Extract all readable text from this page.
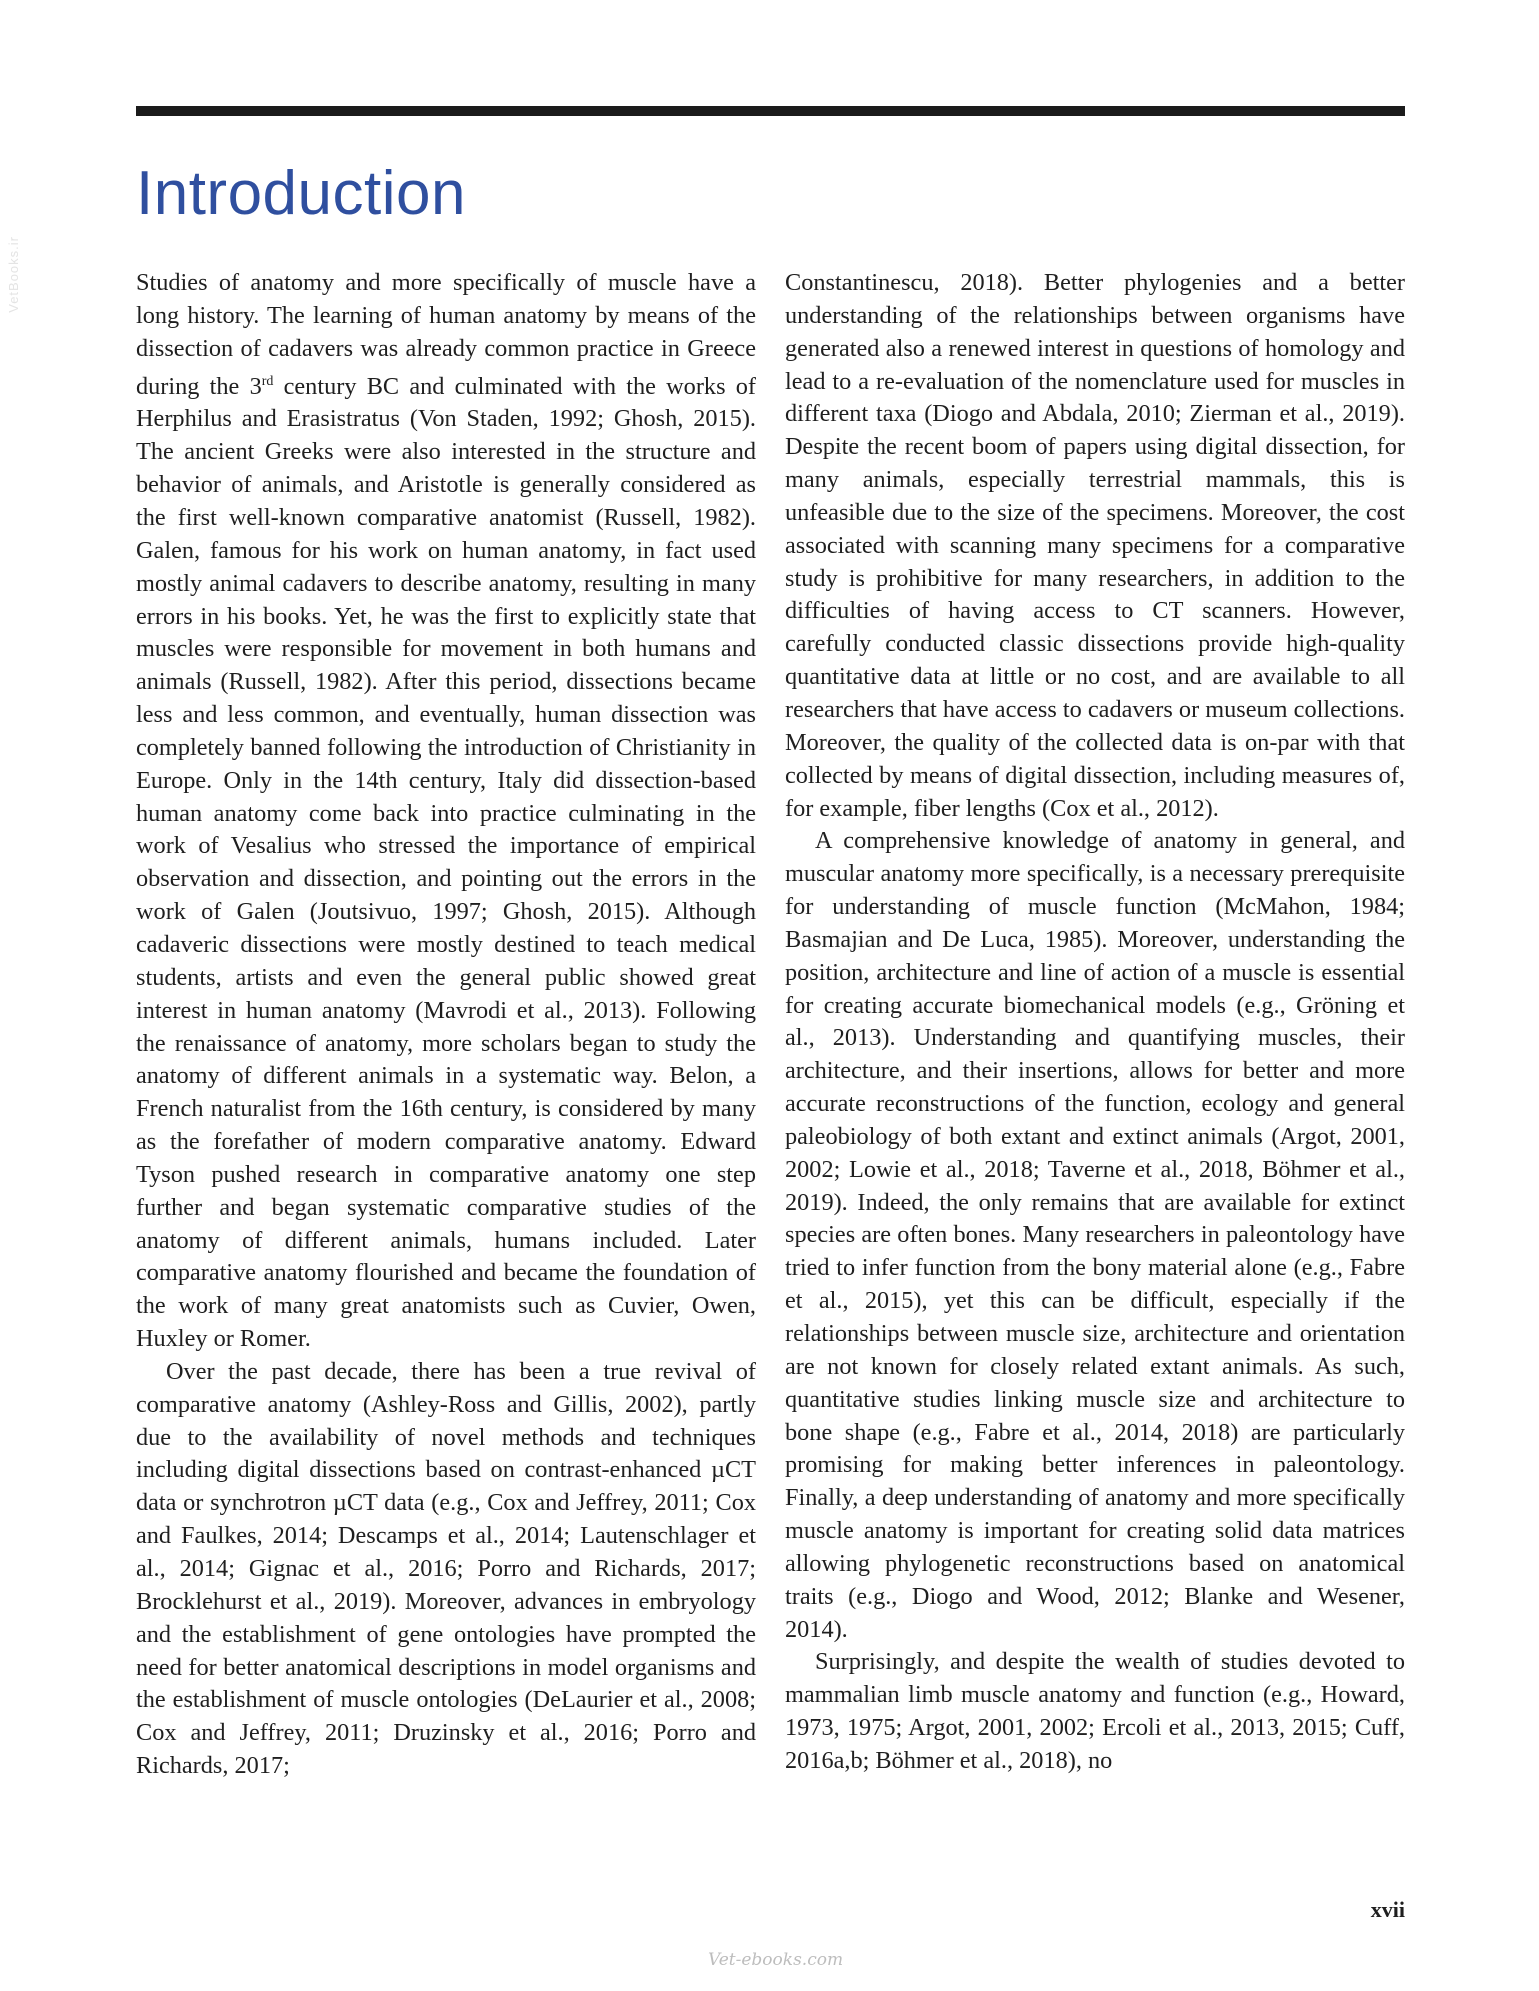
VetBooks.ir
Introduction

Studies of anatomy and more specifically of muscle have a long history. The learning of human anatomy by means of the dissection of cadavers was already common practice in Greece during the 3rd century BC and culminated with the works of Herphilus and Erasistratus (Von Staden, 1992; Ghosh, 2015). The ancient Greeks were also interested in the structure and behavior of animals, and Aristotle is generally considered as the first well-known comparative anatomist (Russell, 1982). Galen, famous for his work on human anatomy, in fact used mostly animal cadavers to describe anatomy, resulting in many errors in his books. Yet, he was the first to explicitly state that muscles were responsible for movement in both humans and animals (Russell, 1982). After this period, dissections became less and less common, and eventually, human dissection was completely banned following the introduction of Christianity in Europe. Only in the 14th century, Italy did dissection-based human anatomy come back into practice culminating in the work of Vesalius who stressed the importance of empirical observation and dissection, and pointing out the errors in the work of Galen (Joutsivuo, 1997; Ghosh, 2015). Although cadaveric dissections were mostly destined to teach medical students, artists and even the general public showed great interest in human anatomy (Mavrodi et al., 2013). Following the renaissance of anatomy, more scholars began to study the anatomy of different animals in a systematic way. Belon, a French naturalist from the 16th century, is considered by many as the forefather of modern comparative anatomy. Edward Tyson pushed research in comparative anatomy one step further and began systematic comparative studies of the anatomy of different animals, humans included. Later comparative anatomy flourished and became the foundation of the work of many great anatomists such as Cuvier, Owen, Huxley or Romer.

Over the past decade, there has been a true revival of comparative anatomy (Ashley-Ross and Gillis, 2002), partly due to the availability of novel methods and techniques including digital dissections based on contrast-enhanced µCT data or synchrotron µCT data (e.g., Cox and Jeffrey, 2011; Cox and Faulkes, 2014; Descamps et al., 2014; Lautenschlager et al., 2014; Gignac et al., 2016; Porro and Richards, 2017; Brocklehurst et al., 2019). Moreover, advances in embryology and the establishment of gene ontologies have prompted the need for better anatomical descriptions in model organisms and the establishment of muscle ontologies (DeLaurier et al., 2008; Cox and Jeffrey, 2011; Druzinsky et al., 2016; Porro and Richards, 2017;

Constantinescu, 2018). Better phylogenies and a better understanding of the relationships between organisms have generated also a renewed interest in questions of homology and lead to a re-evaluation of the nomenclature used for muscles in different taxa (Diogo and Abdala, 2010; Zierman et al., 2019). Despite the recent boom of papers using digital dissection, for many animals, especially terrestrial mammals, this is unfeasible due to the size of the specimens. Moreover, the cost associated with scanning many specimens for a comparative study is prohibitive for many researchers, in addition to the difficulties of having access to CT scanners. However, carefully conducted classic dissections provide high-quality quantitative data at little or no cost, and are available to all researchers that have access to cadavers or museum collections. Moreover, the quality of the collected data is on-par with that collected by means of digital dissection, including measures of, for example, fiber lengths (Cox et al., 2012).

A comprehensive knowledge of anatomy in general, and muscular anatomy more specifically, is a necessary prerequisite for understanding of muscle function (McMahon, 1984; Basmajian and De Luca, 1985). Moreover, understanding the position, architecture and line of action of a muscle is essential for creating accurate biomechanical models (e.g., Gröning et al., 2013). Understanding and quantifying muscles, their architecture, and their insertions, allows for better and more accurate reconstructions of the function, ecology and general paleobiology of both extant and extinct animals (Argot, 2001, 2002; Lowie et al., 2018; Taverne et al., 2018, Böhmer et al., 2019). Indeed, the only remains that are available for extinct species are often bones. Many researchers in paleontology have tried to infer function from the bony material alone (e.g., Fabre et al., 2015), yet this can be difficult, especially if the relationships between muscle size, architecture and orientation are not known for closely related extant animals. As such, quantitative studies linking muscle size and architecture to bone shape (e.g., Fabre et al., 2014, 2018) are particularly promising for making better inferences in paleontology. Finally, a deep understanding of anatomy and more specifically muscle anatomy is important for creating solid data matrices allowing phylogenetic reconstructions based on anatomical traits (e.g., Diogo and Wood, 2012; Blanke and Wesener, 2014).

Surprisingly, and despite the wealth of studies devoted to mammalian limb muscle anatomy and function (e.g., Howard, 1973, 1975; Argot, 2001, 2002; Ercoli et al., 2013, 2015; Cuff, 2016a,b; Böhmer et al., 2018), no

xvii
Vet-ebooks.com
